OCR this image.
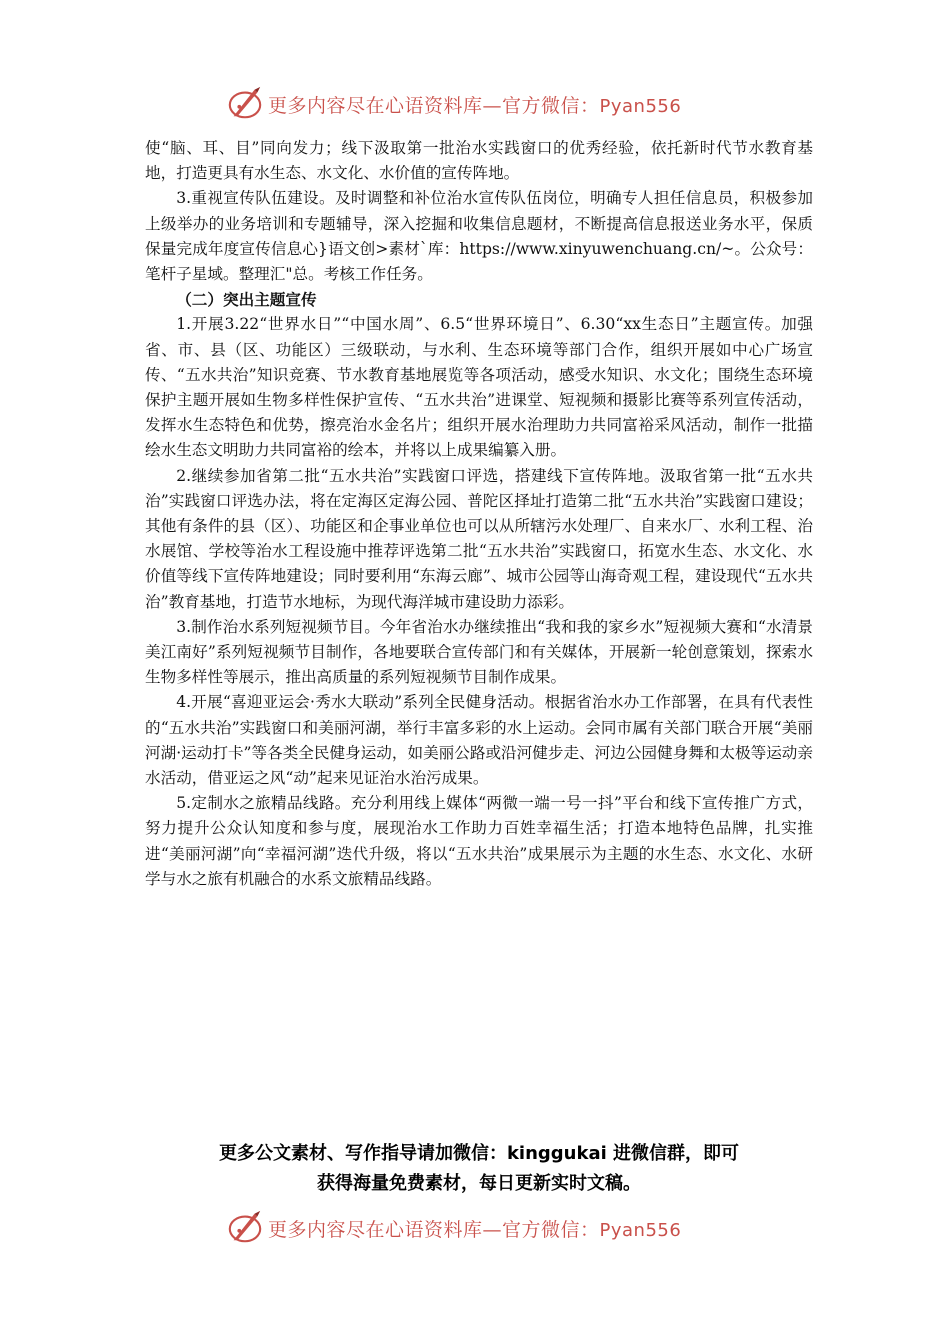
更多内容尽在心语资料库—官方微信：Pyan556

使“脑、耳、目”同向发力；线下汲取第一批治水实践窗口的优秀经验，依托新时代节水教育基地，打造更具有水生态、水文化、水价值的宣传阵地。

3.重视宣传队伍建设。及时调整和补位治水宣传队伍岗位，明确专人担任信息员，积极参加上级举办的业务培训和专题辅导，深入挖掘和收集信息题材，不断提高信息报送业务水平，保质保量完成年度宣传信息心}语文创>素材`库：https://www.xinyuwenchuang.cn/~。公众号：笔杆子星域。整理汇"总。考核工作任务。

（二）突出主题宣传

1.开展3.22“世界水日”“中国水周”、6.5“世界环境日”、6.30“xx生态日”主题宣传。加强省、市、县（区、功能区）三级联动，与水利、生态环境等部门合作，组织开展如中心广场宣传、“五水共治”知识竞赛、节水教育基地展览等各项活动，感受水知识、水文化；围绕生态环境保护主题开展如生物多样性保护宣传、“五水共治”进课堂、短视频和摄影比赛等系列宣传活动，发挥水生态特色和优势，擦亮治水金名片；组织开展水治理助力共同富裕采风活动，制作一批描绘水生态文明助力共同富裕的绘本，并将以上成果编纂入册。

2.继续参加省第二批“五水共治”实践窗口评选，搭建线下宣传阵地。汲取省第一批“五水共治”实践窗口评选办法，将在定海区定海公园、普陀区择址打造第二批“五水共治”实践窗口建设；其他有条件的县（区）、功能区和企事业单位也可以从所辖污水处理厂、自来水厂、水利工程、治水展馆、学校等治水工程设施中推荐评选第二批“五水共治”实践窗口，拓宽水生态、水文化、水价值等线下宣传阵地建设；同时要利用“东海云廊”、城市公园等山海奇观工程，建设现代“五水共治”教育基地，打造节水地标，为现代海洋城市建设助力添彩。

3.制作治水系列短视频节目。今年省治水办继续推出“我和我的家乡水”短视频大赛和“水清景美江南好”系列短视频节目制作，各地要联合宣传部门和有关媒体，开展新一轮创意策划，探索水生物多样性等展示，推出高质量的系列短视频节目制作成果。

4.开展“喜迎亚运会·秀水大联动”系列全民健身活动。根据省治水办工作部署，在具有代表性的“五水共治”实践窗口和美丽河湖，举行丰富多彩的水上运动。会同市属有关部门联合开展“美丽河湖·运动打卡”等各类全民健身运动，如美丽公路或沿河健步走、河边公园健身舞和太极等运动亲水活动，借亚运之风“动”起来见证治水治污成果。

5.定制水之旅精品线路。充分利用线上媒体“两微一端一号一抖”平台和线下宣传推广方式，努力提升公众认知度和参与度，展现治水工作助力百姓幸福生活；打造本地特色品牌，扎实推进“美丽河湖”向“幸福河湖”迭代升级，将以“五水共治”成果展示为主题的水生态、水文化、水研学与水之旅有机融合的水系文旅精品线路。

更多公文素材、写作指导请加微信：kinggukai 进微信群，即可

获得海量免费素材，每日更新实时文稿。

更多内容尽在心语资料库—官方微信：Pyan556
